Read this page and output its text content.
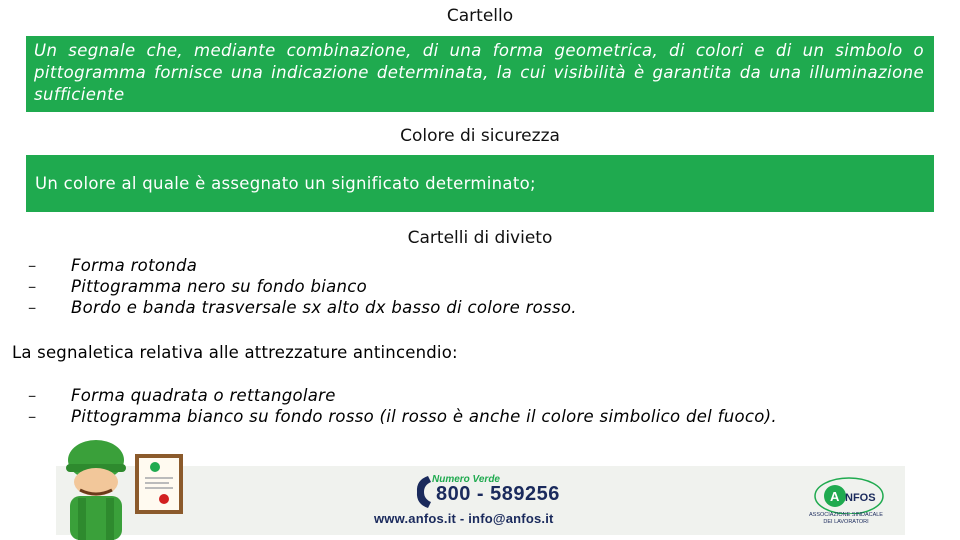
Cartello
Un segnale che, mediante combinazione, di una forma geometrica, di colori e di un simbolo o pittogramma fornisce una indicazione determinata, la cui visibilità è garantita da una illuminazione sufficiente
Colore di sicurezza
Un colore al quale è assegnato un significato determinato;
Cartelli di divieto
– Forma rotonda
– Pittogramma nero su fondo bianco
– Bordo e banda trasversale sx alto dx basso di colore rosso.
La segnaletica relativa alle attrezzature antincendio:
– Forma quadrata o rettangolare
– Pittogramma bianco su fondo rosso (il rosso è anche il colore simbolico del fuoco).
Numero Verde
800 - 589256
www.anfos.it - info@anfos.it
A NFOS
ASSOCIAZIONE SINDACALE
DEI LAVORATORI
